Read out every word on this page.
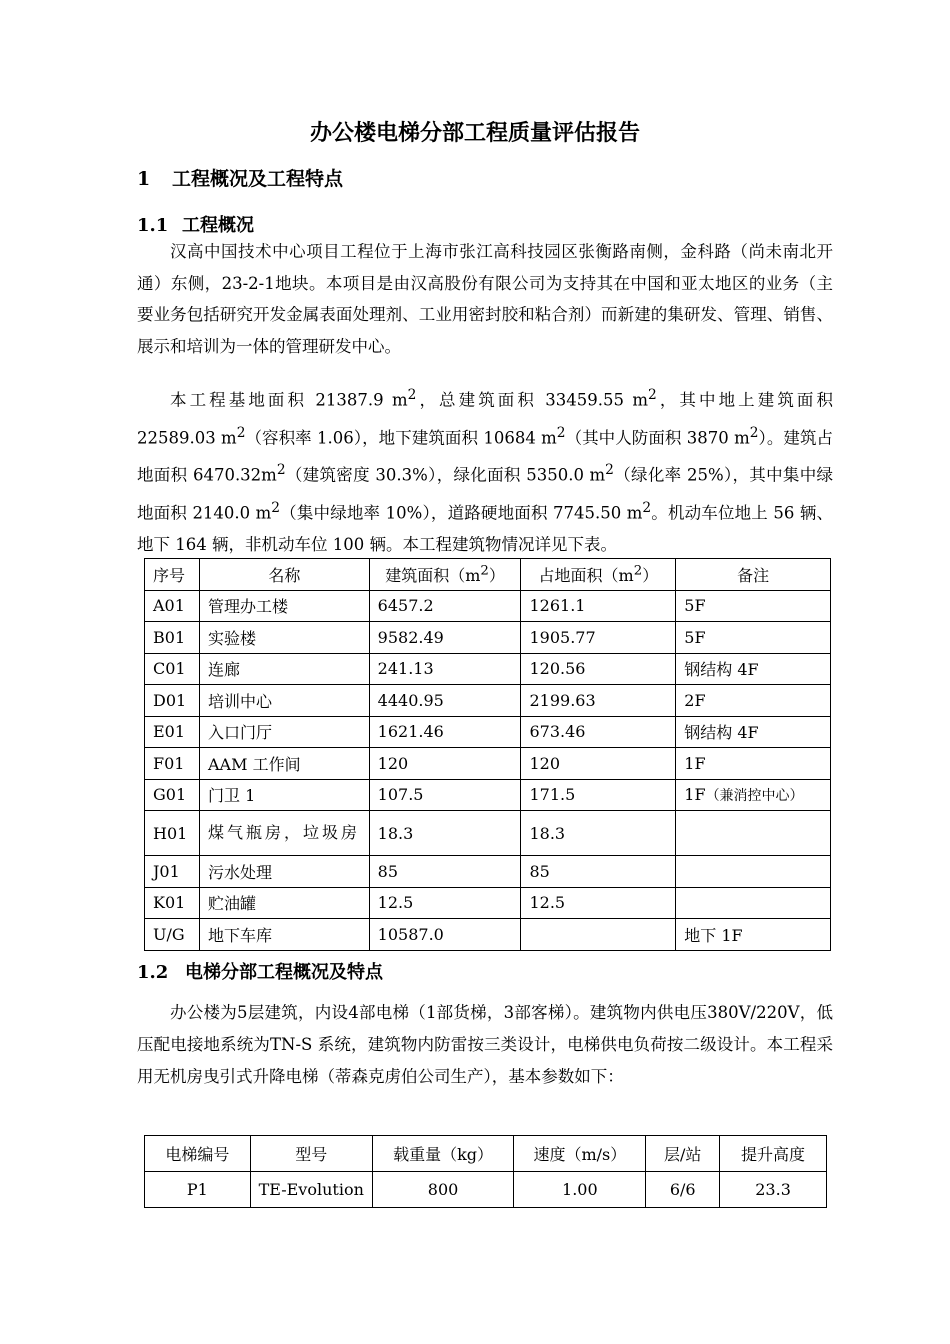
办公楼电梯分部工程质量评估报告
1 工程概况及工程特点
1.1 工程概况

汉高中国技术中心项目工程位于上海市张江高科技园区张衡路南侧，金科路（尚未南北开通）东侧，23-2-1地块。本项目是由汉高股份有限公司为支持其在中国和亚太地区的业务（主要业务包括研究开发金属表面处理剂、工业用密封胶和粘合剂）而新建的集研发、管理、销售、展示和培训为一体的管理研发中心。

本工程基地面积 21387.9 $m^2$，总建筑面积 33459.55 $m^2$，其中地上建筑面积 22589.03 $m^2$（容积率 1.06），地下建筑面积 10684 $m^2$（其中人防面积 3870 $m^2$）。建筑占地面积 $6470.32m^2$（建筑密度 30.3%），绿化面积 5350.0 $m^2$（绿化率 25%），其中集中绿地面积 2140.0 $m^2$（集中绿地率 10%），道路硬地面积 7745.50 $m^2$。机动车位地上 56 辆、地下 164 辆，非机动车位 100 辆。本工程建筑物情况详见下表。

序号	名称	建筑面积$(m^2)$	占地面积$(m^2)$	备注
A01	管理办工楼	6457.2	1261.1	5F
B01	实验楼	9582.49	1905.77	5F
C01	连廊	241.13	120.56	钢结构 4F
D01	培训中心	4440.95	2199.63	2F
E01	入口门厅	1621.46	673.46	钢结构 4F
F01	AAM 工作间	120	120	1F
G01	门卫 1	107.5	171.5	1F（兼消控中心）
H01	煤气瓶房，垃圾房	18.3	18.3	
J01	污水处理	85	85	
K01	贮油罐	12.5	12.5	
U/G	地下车库	10587.0		地下 1F
1.2 电梯分部工程概况及特点

办公楼为5层建筑，内设4部电梯（1部货梯，3部客梯）。建筑物内供电压380V/220V，低压配电接地系统为TN-S 系统，建筑物内防雷按三类设计，电梯供电负荷按二级设计。本工程采用无机房曳引式升降电梯（蒂森克虏伯公司生产），基本参数如下：

电梯编号	型号	载重量（kg）	速度（m/s）	层/站	提升高度
P1	TE-Evolution	800	1.00	6/6	23.3
